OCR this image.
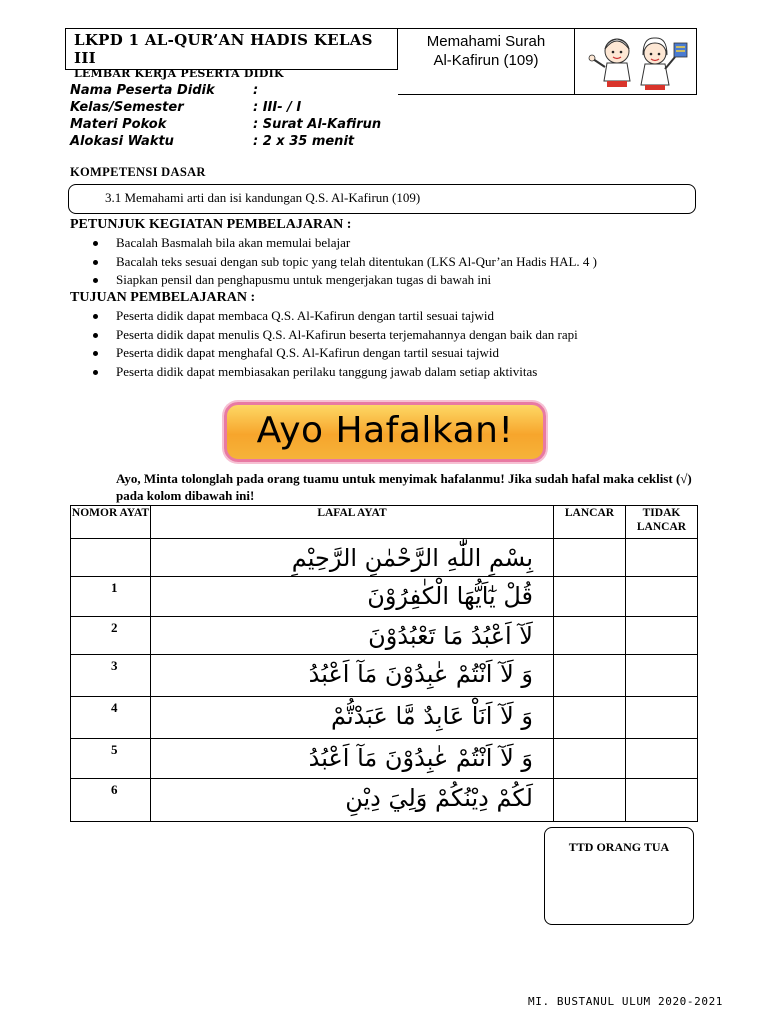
LKPD 1 AL-QUR’AN HADIS KELAS III
LEMBAR KERJA PESERTA DIDIK
Memahami Surah
Al-Kafirun (109)
Nama Peserta Didik	:
Kelas/Semester	: III- / I
Materi Pokok	: Surat Al-Kafirun
Alokasi Waktu	: 2 x 35 menit
KOMPETENSI DASAR
3.1 Memahami arti dan isi kandungan Q.S. Al-Kafirun (109)
PETUNJUK KEGIATAN PEMBELAJARAN :
Bacalah Basmalah bila akan memulai belajar
Bacalah teks sesuai dengan sub topic yang telah ditentukan (LKS Al-Qur’an Hadis HAL. 4 )
Siapkan pensil dan penghapusmu untuk mengerjakan tugas di bawah ini
TUJUAN PEMBELAJARAN :
Peserta didik dapat membaca Q.S. Al-Kafirun dengan tartil sesuai tajwid
Peserta didik dapat menulis Q.S. Al-Kafirun beserta terjemahannya dengan baik dan rapi
Peserta didik dapat menghafal Q.S. Al-Kafirun dengan tartil sesuai tajwid
Peserta didik dapat membiasakan perilaku tanggung jawab dalam setiap aktivitas
Ayo Hafalkan!
Ayo, Minta tolonglah pada orang tuamu untuk menyimak hafalanmu! Jika sudah hafal maka ceklist (√) pada kolom dibawah ini!
NOMOR AYAT	LAFAL AYAT	LANCAR	TIDAK LANCAR
	بِسْمِ اللّٰهِ الرَّحْمٰنِ الرَّحِيْمِ		
1	قُلْ يٰٓاَيُّهَا الْكٰفِرُوْنَ		
2	لَآ اَعْبُدُ مَا تَعْبُدُوْنَ		
3	وَ لَآ اَنْتُمْ عٰبِدُوْنَ مَآ اَعْبُدُ		
4	وَ لَآ اَنَاْ عَابِدٌ مَّا عَبَدْتُّمْ		
5	وَ لَآ اَنْتُمْ عٰبِدُوْنَ مَآ اَعْبُدُ		
6	لَكُمْ دِيْنُكُمْ وَلِيَ دِيْنِ		
TTD ORANG TUA
MI. BUSTANUL ULUM 2020-2021
